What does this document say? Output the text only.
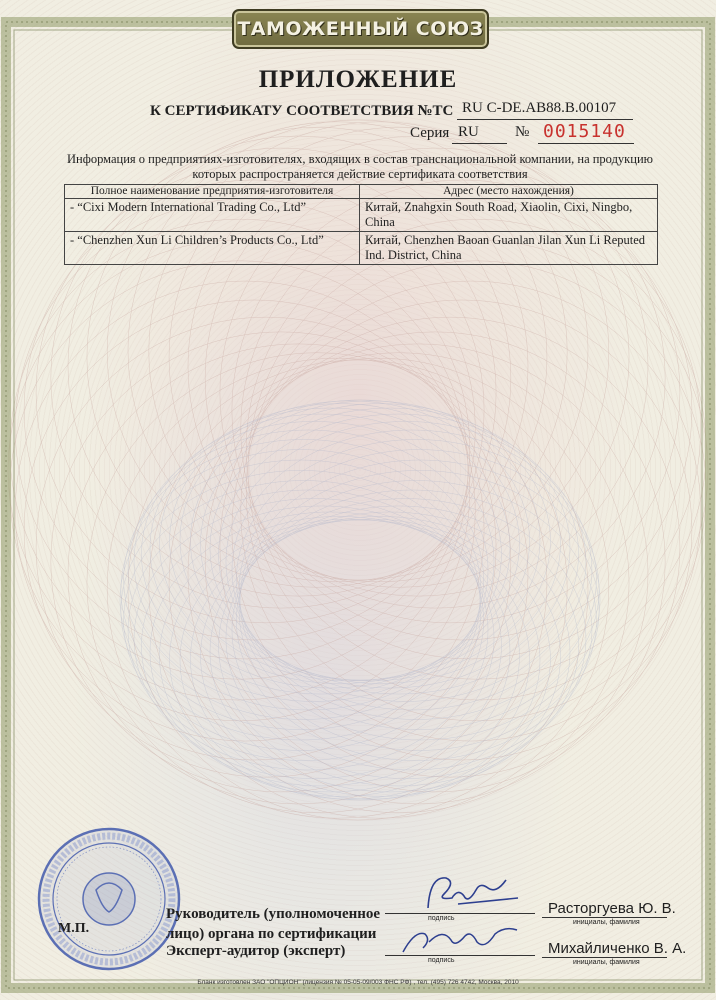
ТАМОЖЕННЫЙ СОЮЗ
ПРИЛОЖЕНИЕ
К СЕРТИФИКАТУ СООТВЕТСТВИЯ №ТС RU C-DE.АВ88.В.00107
Серия RU № 0015140
Информация о предприятиях-изготовителях, входящих в состав транснациональной компании, на продукцию которых распространяется действие сертификата соответствия
Полное наименование предприятия-изготовителя	Адрес (место нахождения)
- “Cixi Modern International Trading Co., Ltd”	Китай, Znahgxin South Road, Xiaolin, Cixi, Ningbo, China
- “Chenzhen Xun Li Children’s Products Co., Ltd”	Китай, Chenzhen Baoan Guanlan Jilan Xun Li Reputed Ind. District, China
М.П.
Руководитель (уполномоченное
лицо) органа по сертификации
Эксперт-аудитор (эксперт)
подпись
подпись
Расторгуева Ю. В.
Михайличенко В. А.
инициалы, фамилия
инициалы, фамилия
Бланк изготовлен ЗАО "ОПЦИОН" (лицензия № 05-05-09/003 ФНС РФ) , тел. (495) 726 4742, Москва, 2010
